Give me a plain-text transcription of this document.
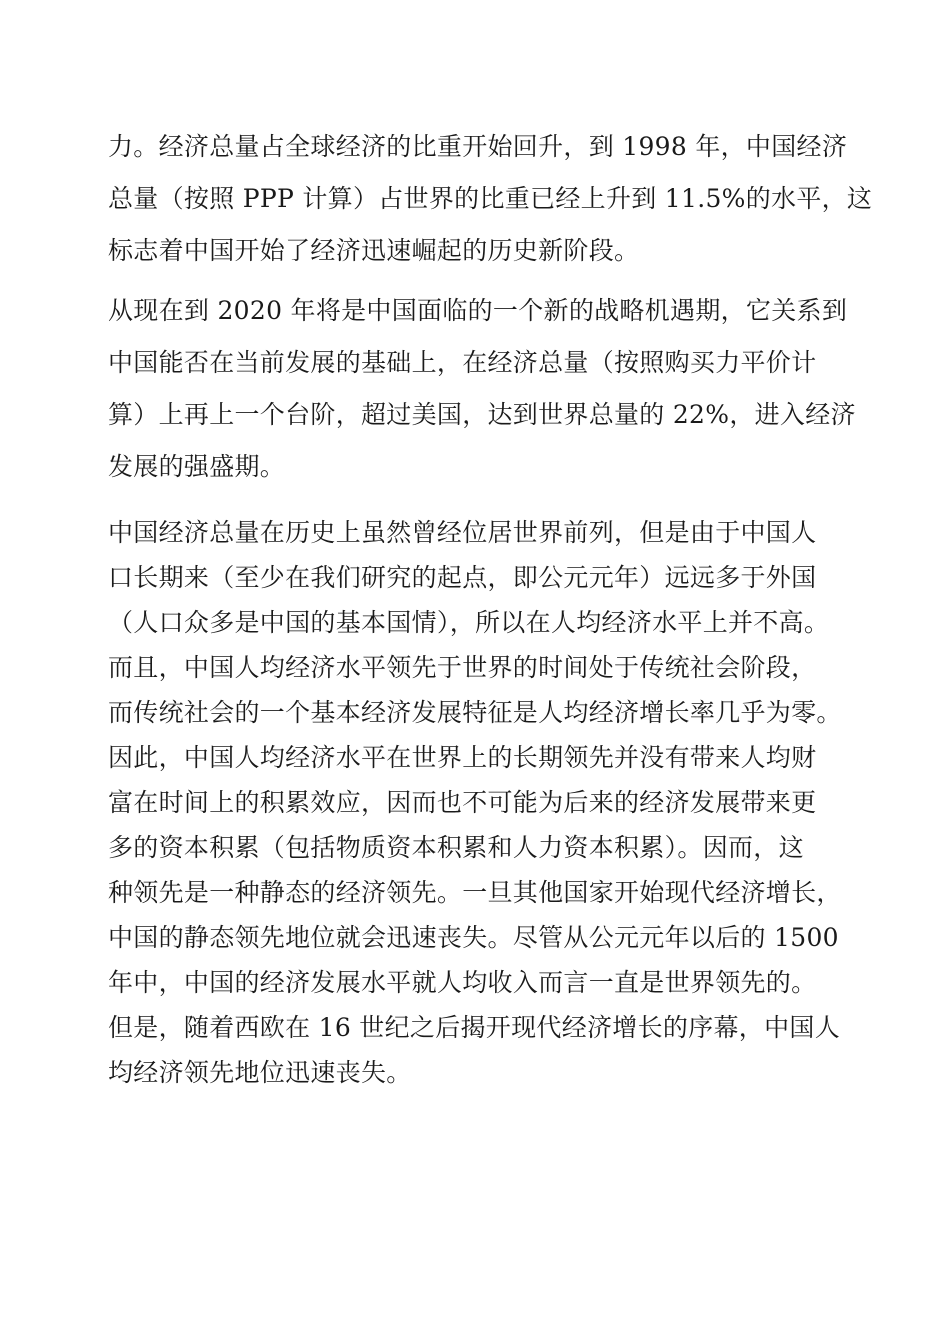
力。经济总量占全球经济的比重开始回升，到 1998 年，中国经济
总量（按照 PPP 计算）占世界的比重已经上升到 11.5%的水平，这
标志着中国开始了经济迅速崛起的历史新阶段。

从现在到 2020 年将是中国面临的一个新的战略机遇期，它关系到
中国能否在当前发展的基础上，在经济总量（按照购买力平价计
算）上再上一个台阶，超过美国，达到世界总量的 22%，进入经济
发展的强盛期。

中国经济总量在历史上虽然曾经位居世界前列，但是由于中国人
口长期来（至少在我们研究的起点，即公元元年）远远多于外国
（人口众多是中国的基本国情），所以在人均经济水平上并不高。
而且，中国人均经济水平领先于世界的时间处于传统社会阶段，
而传统社会的一个基本经济发展特征是人均经济增长率几乎为零。
因此，中国人均经济水平在世界上的长期领先并没有带来人均财
富在时间上的积累效应，因而也不可能为后来的经济发展带来更
多的资本积累（包括物质资本积累和人力资本积累）。因而，这
种领先是一种静态的经济领先。一旦其他国家开始现代经济增长，
中国的静态领先地位就会迅速丧失。尽管从公元元年以后的 1500
年中，中国的经济发展水平就人均收入而言一直是世界领先的。
但是，随着西欧在 16 世纪之后揭开现代经济增长的序幕，中国人
均经济领先地位迅速丧失。
